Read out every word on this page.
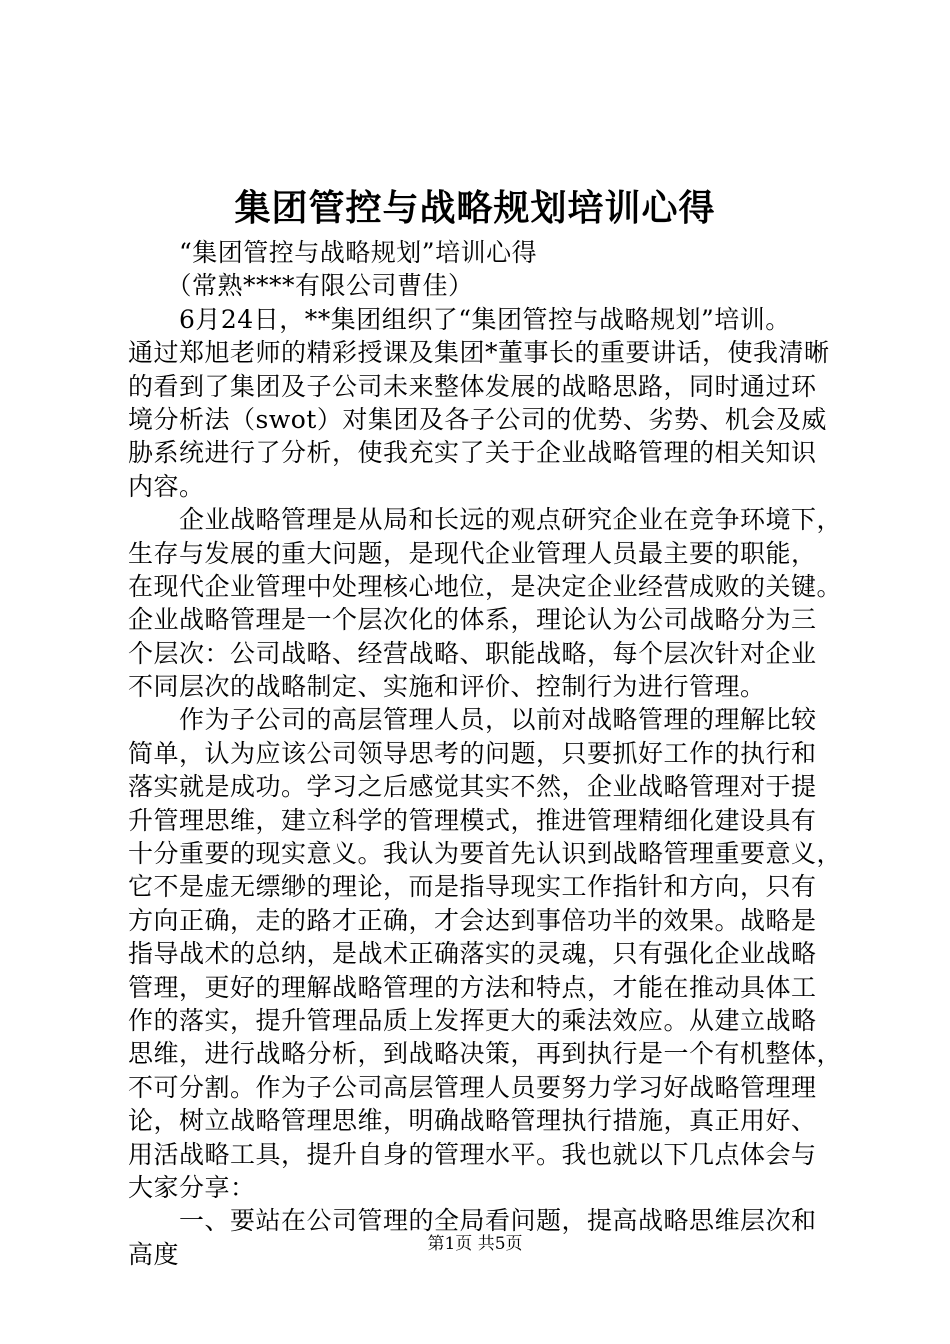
集团管控与战略规划培训心得
　　“集团管控与战略规划”培训心得
　　（常熟****有限公司曹佳）
　　6月24日，**集团组织了“集团管控与战略规划”培训。
通过郑旭老师的精彩授课及集团*董事长的重要讲话，使我清晰
的看到了集团及子公司未来整体发展的战略思路，同时通过环
境分析法（swot）对集团及各子公司的优势、劣势、机会及威
胁系统进行了分析，使我充实了关于企业战略管理的相关知识
内容。
　　企业战略管理是从局和长远的观点研究企业在竞争环境下，
生存与发展的重大问题，是现代企业管理人员最主要的职能，
在现代企业管理中处理核心地位，是决定企业经营成败的关键。
企业战略管理是一个层次化的体系，理论认为公司战略分为三
个层次：公司战略、经营战略、职能战略，每个层次针对企业
不同层次的战略制定、实施和评价、控制行为进行管理。
　　作为子公司的高层管理人员，以前对战略管理的理解比较
简单，认为应该公司领导思考的问题，只要抓好工作的执行和
落实就是成功。学习之后感觉其实不然，企业战略管理对于提
升管理思维，建立科学的管理模式，推进管理精细化建设具有
十分重要的现实意义。我认为要首先认识到战略管理重要意义，
它不是虚无缥缈的理论，而是指导现实工作指针和方向，只有
方向正确，走的路才正确，才会达到事倍功半的效果。战略是
指导战术的总纳，是战术正确落实的灵魂，只有强化企业战略
管理，更好的理解战略管理的方法和特点，才能在推动具体工
作的落实，提升管理品质上发挥更大的乘法效应。从建立战略
思维，进行战略分析，到战略决策，再到执行是一个有机整体，
不可分割。作为子公司高层管理人员要努力学习好战略管理理
论，树立战略管理思维，明确战略管理执行措施，真正用好、
用活战略工具，提升自身的管理水平。我也就以下几点体会与
大家分享：
　　一、要站在公司管理的全局看问题，提高战略思维层次和
高度	第1页 共5页
